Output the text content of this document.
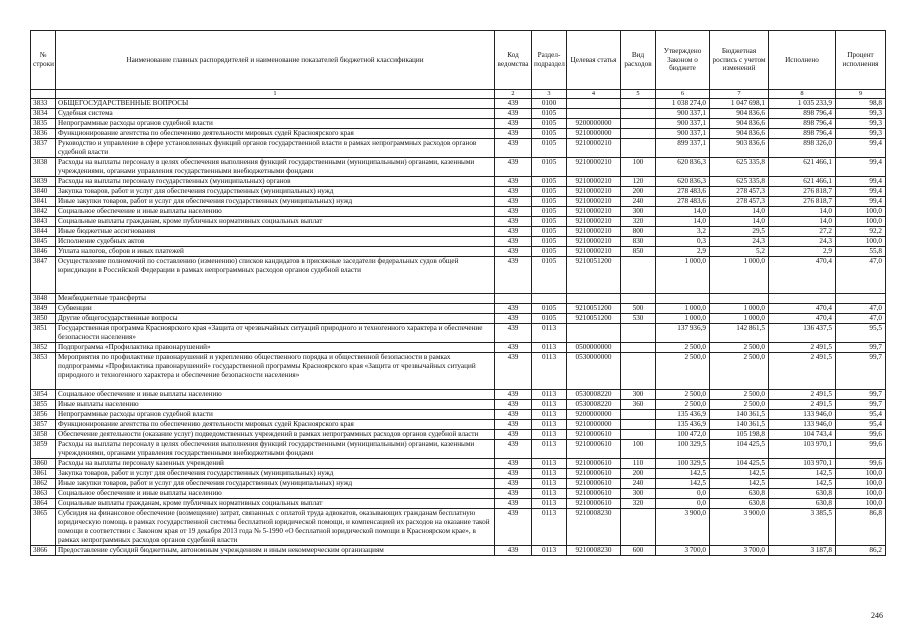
№ строки	Наименование главных распорядителей и наименование показателей бюджетной классификации	Код ведомства	Раздел-подраздел	Целевая статья	Вид расходов	Утверждено Законом о бюджете	Бюджетная роспись с учетом изменений	Исполнено	Процент исполнения
	1	2	3	4	5	6	7	8	9
3833	ОБЩЕГОСУДАРСТВЕННЫЕ ВОПРОСЫ	439	0100			1 038 274,0	1 047 698,1	1 035 233,9	98,8
3834	Судебная система	439	0105			900 337,1	904 836,6	898 796,4	99,3
3835	Непрограммные расходы органов судебной власти	439	0105	9200000000		900 337,1	904 836,6	898 796,4	99,3
3836	Функционирование агентства по обеспечению деятельности мировых судей Красноярского края	439	0105	9210000000		900 337,1	904 836,6	898 796,4	99,3
3837	Руководство и управление в сфере установленных функций органов государственной власти в рамках непрограммных расходов органов судебной власти	439	0105	9210000210		899 337,1	903 836,6	898 326,0	99,4
3838	Расходы на выплаты персоналу в целях обеспечения выполнения функций государственными (муниципальными) органами, казенными учреждениями, органами управления государственными внебюджетными фондами	439	0105	9210000210	100	620 836,3	625 335,8	621 466,1	99,4
3839	Расходы на выплаты персоналу государственных (муниципальных) органов	439	0105	9210000210	120	620 836,3	625 335,8	621 466,1	99,4
3840	Закупка товаров, работ и услуг для обеспечения государственных (муниципальных) нужд	439	0105	9210000210	200	278 483,6	278 457,3	276 818,7	99,4
3841	Иные закупки товаров, работ и услуг для обеспечения государственных (муниципальных) нужд	439	0105	9210000210	240	278 483,6	278 457,3	276 818,7	99,4
3842	Социальное обеспечение и иные выплаты населению	439	0105	9210000210	300	14,0	14,0	14,0	100,0
3843	Социальные выплаты гражданам, кроме публичных нормативных социальных выплат	439	0105	9210000210	320	14,0	14,0	14,0	100,0
3844	Иные бюджетные ассигнования	439	0105	9210000210	800	3,2	29,5	27,2	92,2
3845	Исполнение судебных актов	439	0105	9210000210	830	0,3	24,3	24,3	100,0
3846	Уплата налогов, сборов и иных платежей	439	0105	9210000210	850	2,9	5,2	2,9	55,8
3847	Осуществление полномочий по составлению (изменению) списков кандидатов в присяжные заседатели федеральных судов общей юрисдикции в Российской Федерации в рамках непрограммных расходов органов судебной власти	439	0105	9210051200		1 000,0	1 000,0	470,4	47,0
3848	Межбюджетные трансферты								
3849	Субвенции	439	0105	9210051200	500	1 000,0	1 000,0	470,4	47,0
3850	Другие общегосударственные вопросы	439	0105	9210051200	530	1 000,0	1 000,0	470,4	47,0
3851	Государственная программа Красноярского края «Защита от чрезвычайных ситуаций природного и техногенного характера и обеспечение безопасности населения»	439	0113			137 936,9	142 861,5	136 437,5	95,5
3852	Подпрограмма «Профилактика правонарушений»	439	0113	0500000000		2 500,0	2 500,0	2 491,5	99,7
3853	Мероприятия по профилактике правонарушений и укреплению общественного порядка и общественной безопасности в рамках подпрограммы «Профилактика правонарушений» государственной программы Красноярского края «Защита от чрезвычайных ситуаций природного и техногенного характера и обеспечение безопасности населения»	439	0113	0530000000		2 500,0	2 500,0	2 491,5	99,7
3854	Социальное обеспечение и иные выплаты населению	439	0113	0530008220	300	2 500,0	2 500,0	2 491,5	99,7
3855	Иные выплаты населению	439	0113	0530008220	360	2 500,0	2 500,0	2 491,5	99,7
3856	Непрограммные расходы органов судебной власти	439	0113	9200000000		135 436,9	140 361,5	133 946,0	95,4
3857	Функционирование агентства по обеспечению деятельности мировых судей Красноярского края	439	0113	9210000000		135 436,9	140 361,5	133 946,0	95,4
3858	Обеспечение деятельности (оказание услуг) подведомственных учреждений в рамках непрограммных расходов органов судебной власти	439	0113	9210000610		100 472,0	105 198,8	104 743,4	99,6
3859	Расходы на выплаты персоналу в целях обеспечения выполнения функций государственными (муниципальными) органами, казенными учреждениями, органами управления государственными внебюджетными фондами	439	0113	9210000610	100	100 329,5	104 425,5	103 970,1	99,6
3860	Расходы на выплаты персоналу казенных учреждений	439	0113	9210000610	110	100 329,5	104 425,5	103 970,1	99,6
3861	Закупка товаров, работ и услуг для обеспечения государственных (муниципальных) нужд	439	0113	9210000610	200	142,5	142,5	142,5	100,0
3862	Иные закупки товаров, работ и услуг для обеспечения государственных (муниципальных) нужд	439	0113	9210000610	240	142,5	142,5	142,5	100,0
3863	Социальное обеспечение и иные выплаты населению	439	0113	9210000610	300	0,0	630,8	630,8	100,0
3864	Социальные выплаты гражданам, кроме публичных нормативных социальных выплат	439	0113	9210000610	320	0,0	630,8	630,8	100,0
3865	Субсидия на финансовое обеспечение (возмещение) затрат, связанных с оплатой труда адвокатов, оказывающих гражданам бесплатную юридическую помощь в рамках государственной системы бесплатной юридической помощи, и компенсацией их расходов на оказание такой помощи в соответствии с Законом края от 19 декабря 2013 года № 5-1990 «О бесплатной юридической помощи в Красноярском крае», в рамках непрограммных расходов органов судебной власти	439	0113	9210008230		3 900,0	3 900,0	3 385,5	86,8
3866	Предоставление субсидий бюджетным, автономным учреждениям и иным некоммерческим организациям	439	0113	9210008230	600	3 700,0	3 700,0	3 187,8	86,2
246
